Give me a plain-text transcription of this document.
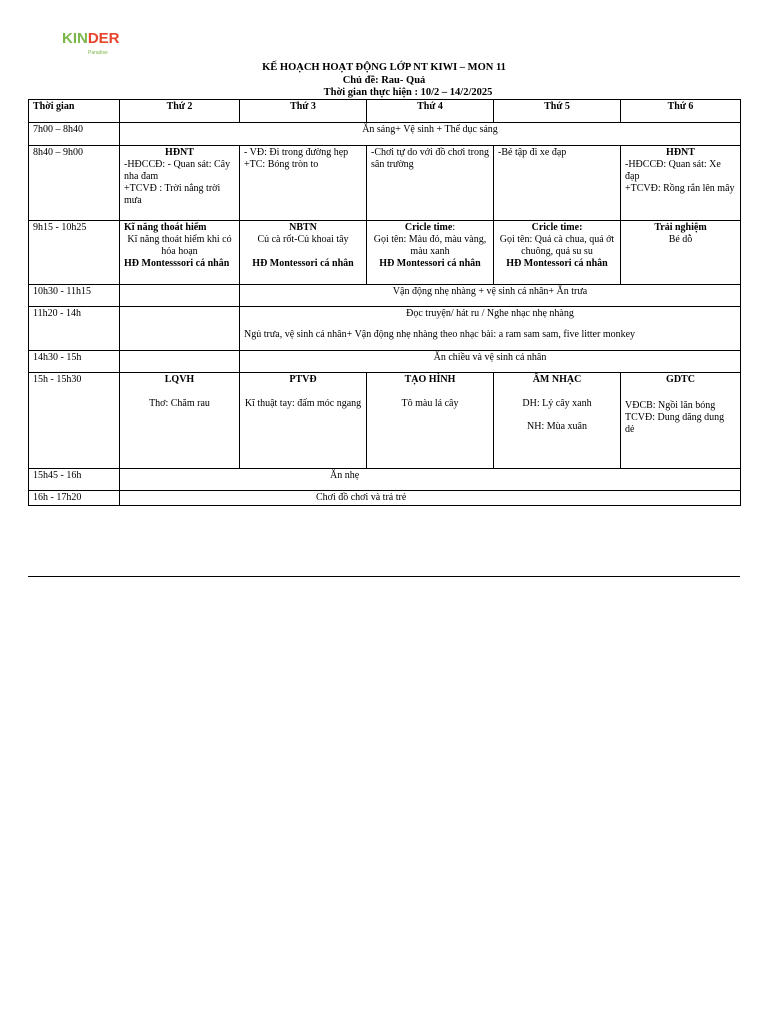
KINDER
Paradise
KẾ HOẠCH HOẠT ĐỘNG LỚP NT KIWI – MON 11
Chủ đề: Rau- Quả
Thời gian thực hiện : 10/2 – 14/2/2025
Thời gian	Thứ 2	Thứ 3	Thứ 4	Thứ 5	Thứ 6
7h00 – 8h40	Ăn sáng+ Vệ sinh + Thể dục sáng				
8h40 – 9h00	HĐNT
-HĐCCĐ: - Quan sát: Cây nha đam
+TCVĐ : Trời nắng trời mưa	- VĐ: Đi trong đường hẹp
+TC: Bóng tròn to	-Chơi tự do với đồ chơi trong sân trường	-Bé tập đi xe đạp	HĐNT
-HĐCCĐ: Quan sát: Xe đạp
+TCVĐ: Rồng rắn lên mây

9h15 - 10h25	Kĩ năng thoát hiểm
Kĩ năng thoát hiểm khi có hỏa hoạn
HĐ Montesssori cá nhân	NBTN
Củ cà rốt-Củ khoai tây
HĐ Montessori cá nhân	Cricle time:
Gọi tên: Màu đỏ, màu vàng, màu xanh
HĐ Montessori cá nhân	Cricle time:
Gọi tên: Quả cà chua, quả ớt chuông, quả su su
HĐ Montessori cá nhân	Trải nghiệm
Bé dỗ

10h30 - 11h15		Vận động nhẹ nhàng + vệ sinh cá nhân+ Ăn trưa			
11h20 - 14h		Đọc truyện/ hát ru / Nghe nhạc nhẹ nhàng
Ngủ trưa, vệ sinh cá nhân+ Vận động nhẹ nhàng theo nhạc bài: a ram sam sam, five litter monkey			

14h30 - 15h		Ăn chiều và vệ sinh cá nhân			
15h - 15h30	LQVH
Thơ: Chăm rau	PTVĐ
Kĩ thuật tay: đấm móc ngang	TẠO HÌNH
Tô màu lá cây	ÂM NHẠC
DH: Lý cây xanh
NH: Mùa xuân	GDTC
VĐCB: Ngồi lăn bóng
TCVĐ: Dung dăng dung dẻ

15h45 - 16h	Ăn nhẹ				
16h - 17h20	Chơi đồ chơi và trả trẻ				
